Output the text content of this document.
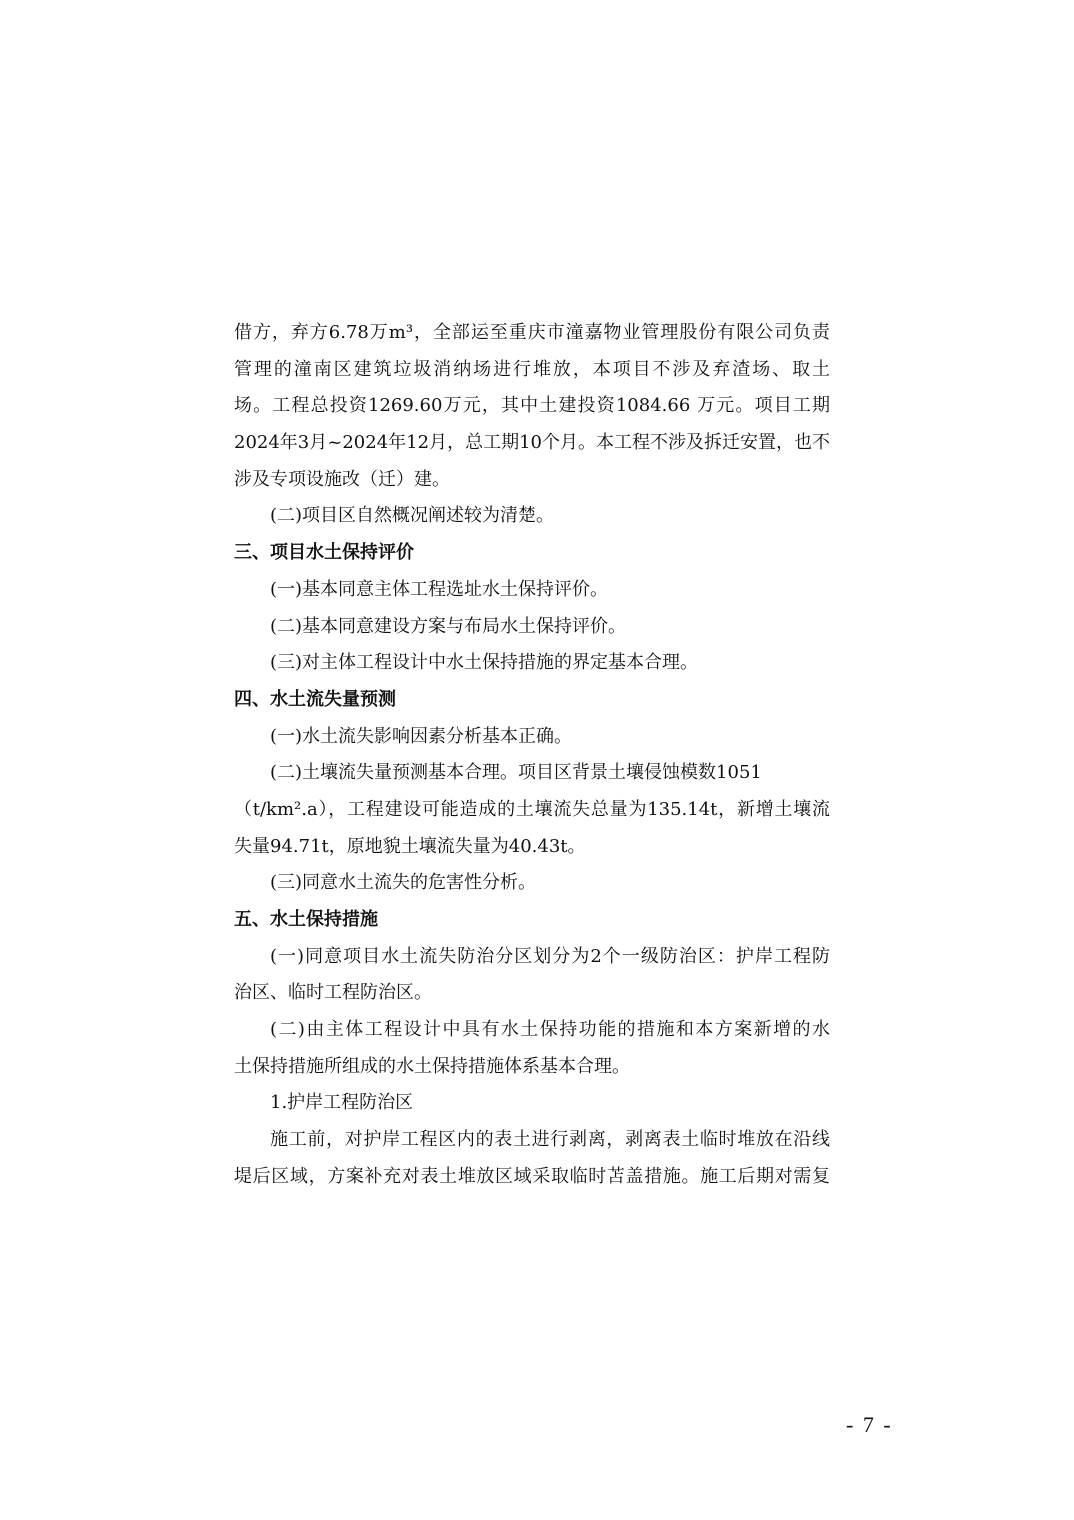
借方，弃方6.78万m³，全部运至重庆市潼嘉物业管理股份有限公司负责
管理的潼南区建筑垃圾消纳场进行堆放，本项目不涉及弃渣场、取土
场。工程总投资1269.60万元，其中土建投资1084.66 万元。项目工期
2024年3月~2024年12月，总工期10个月。本工程不涉及拆迁安置，也不
涉及专项设施改（迁）建。
(二)项目区自然概况阐述较为清楚。
三、项目水土保持评价
(一)基本同意主体工程选址水土保持评价。
(二)基本同意建设方案与布局水土保持评价。
(三)对主体工程设计中水土保持措施的界定基本合理。
四、水土流失量预测
(一)水土流失影响因素分析基本正确。
(二)土壤流失量预测基本合理。项目区背景土壤侵蚀模数1051
（t/km².a），工程建设可能造成的土壤流失总量为135.14t，新增土壤流
失量94.71t，原地貌土壤流失量为40.43t。
(三)同意水土流失的危害性分析。
五、水土保持措施
(一)同意项目水土流失防治分区划分为2个一级防治区：护岸工程防
治区、临时工程防治区。
(二)由主体工程设计中具有水土保持功能的措施和本方案新增的水
土保持措施所组成的水土保持措施体系基本合理。
1.护岸工程防治区
施工前，对护岸工程区内的表土进行剥离，剥离表土临时堆放在沿线
堤后区域，方案补充对表土堆放区域采取临时苫盖措施。施工后期对需复
- 7 -
